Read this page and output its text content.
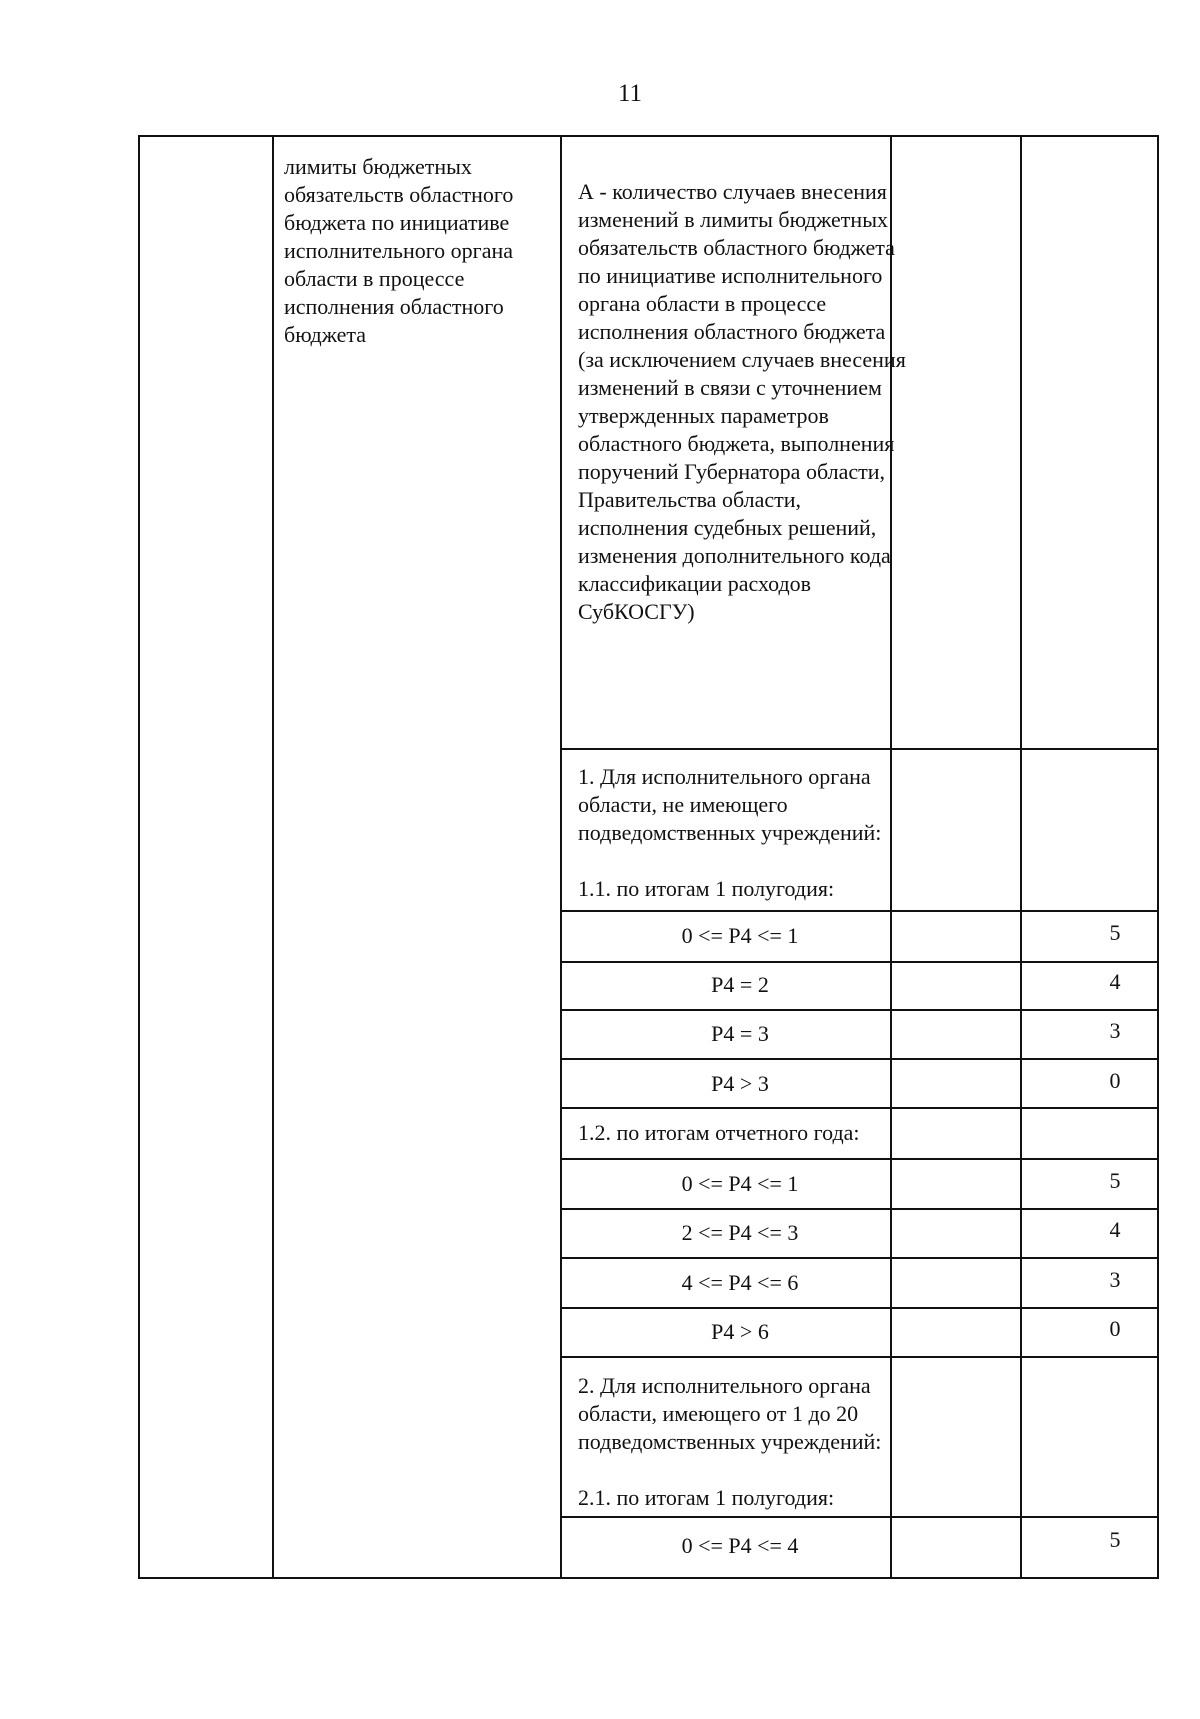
11
лимиты бюджетных обязательств областного бюджета по инициативе исполнительного органа области в процессе исполнения областного бюджета
А - количество случаев внесения изменений в лимиты бюджетных обязательств областного бюджета по инициативе исполнительного органа области в процессе исполнения областного бюджета (за исключением случаев внесения изменений в связи с уточнением утвержденных параметров областного бюджета, выполнения поручений Губернатора области, Правительства области, исполнения судебных решений, изменения дополнительного кода классификации расходов СубКОСГУ)
1. Для исполнительного органа области, не имеющего подведомственных учреждений:
1.1. по итогам 1 полугодия:
0 <= Р4 <= 1	5
Р4 = 2	4
Р4 = 3	3
Р4 > 3	0
1.2. по итогам отчетного года:
0 <= Р4 <= 1	5
2 <= Р4 <= 3	4
4 <= Р4 <= 6	3
Р4 > 6	0
2. Для исполнительного органа области, имеющего от 1 до 20 подведомственных учреждений:
2.1. по итогам 1 полугодия:
0 <= Р4 <= 4	5
